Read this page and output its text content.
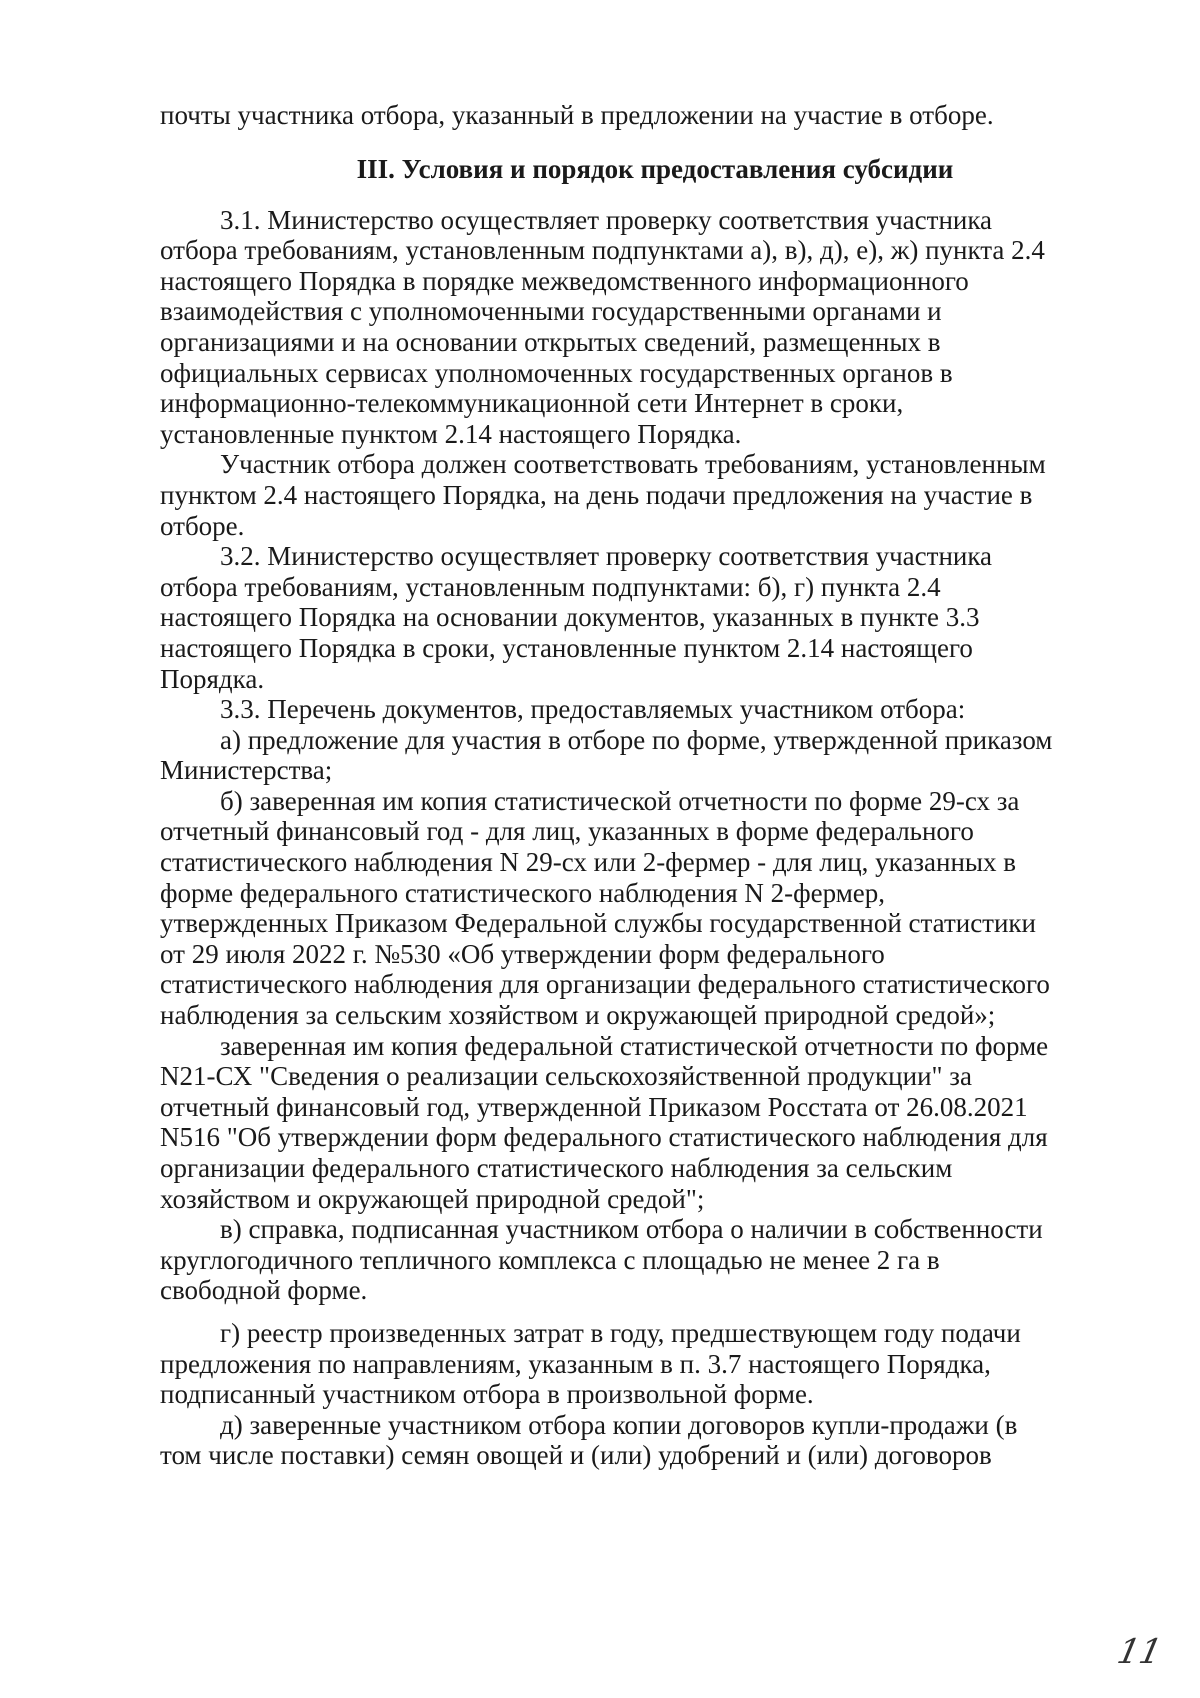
почты участника отбора, указанный в предложении на участие в отборе.

III. Условия и порядок предоставления субсидии

3.1. Министерство осуществляет проверку соответствия участника

отбора требованиям, установленным подпунктами а), в), д), е), ж) пункта 2.4

настоящего Порядка в порядке межведомственного информационного

взаимодействия с уполномоченными государственными органами и

организациями и на основании открытых сведений, размещенных в

официальных сервисах уполномоченных государственных органов в

информационно-телекоммуникационной сети Интернет в сроки,

установленные пунктом 2.14 настоящего Порядка.

Участник отбора должен соответствовать требованиям, установленным

пунктом 2.4 настоящего Порядка, на день подачи предложения на участие в

отборе.

3.2. Министерство осуществляет проверку соответствия участника

отбора требованиям, установленным подпунктами: б), г) пункта 2.4

настоящего Порядка на основании документов, указанных в пункте 3.3

настоящего Порядка в сроки, установленные пунктом 2.14 настоящего

Порядка.

3.3. Перечень документов, предоставляемых участником отбора:

а) предложение для участия в отборе по форме, утвержденной приказом

Министерства;

б) заверенная им копия статистической отчетности по форме 29-сх за

отчетный финансовый год - для лиц, указанных в форме федерального

статистического наблюдения N 29-сх или 2-фермер - для лиц, указанных в

форме федерального статистического наблюдения N 2-фермер,

утвержденных Приказом Федеральной службы государственной статистики

от 29 июля 2022 г. №530 «Об утверждении форм федерального

статистического наблюдения для организации федерального статистического

наблюдения за сельским хозяйством и окружающей природной средой»;

заверенная им копия федеральной статистической отчетности по форме

N21-СХ "Сведения о реализации сельскохозяйственной продукции" за

отчетный финансовый год, утвержденной Приказом Росстата от 26.08.2021

N516 "Об утверждении форм федерального статистического наблюдения для

организации федерального статистического наблюдения за сельским

хозяйством и окружающей природной средой";

в) справка, подписанная участником отбора о наличии в собственности

круглогодичного тепличного комплекса с площадью не менее 2 га в

свободной форме.

г) реестр произведенных затрат в году, предшествующем году подачи

предложения по направлениям, указанным в п. 3.7 настоящего Порядка,

подписанный участником отбора в произвольной форме.

д) заверенные участником отбора копии договоров купли-продажи (в

том числе поставки) семян овощей и (или) удобрений и (или) договоров

11
